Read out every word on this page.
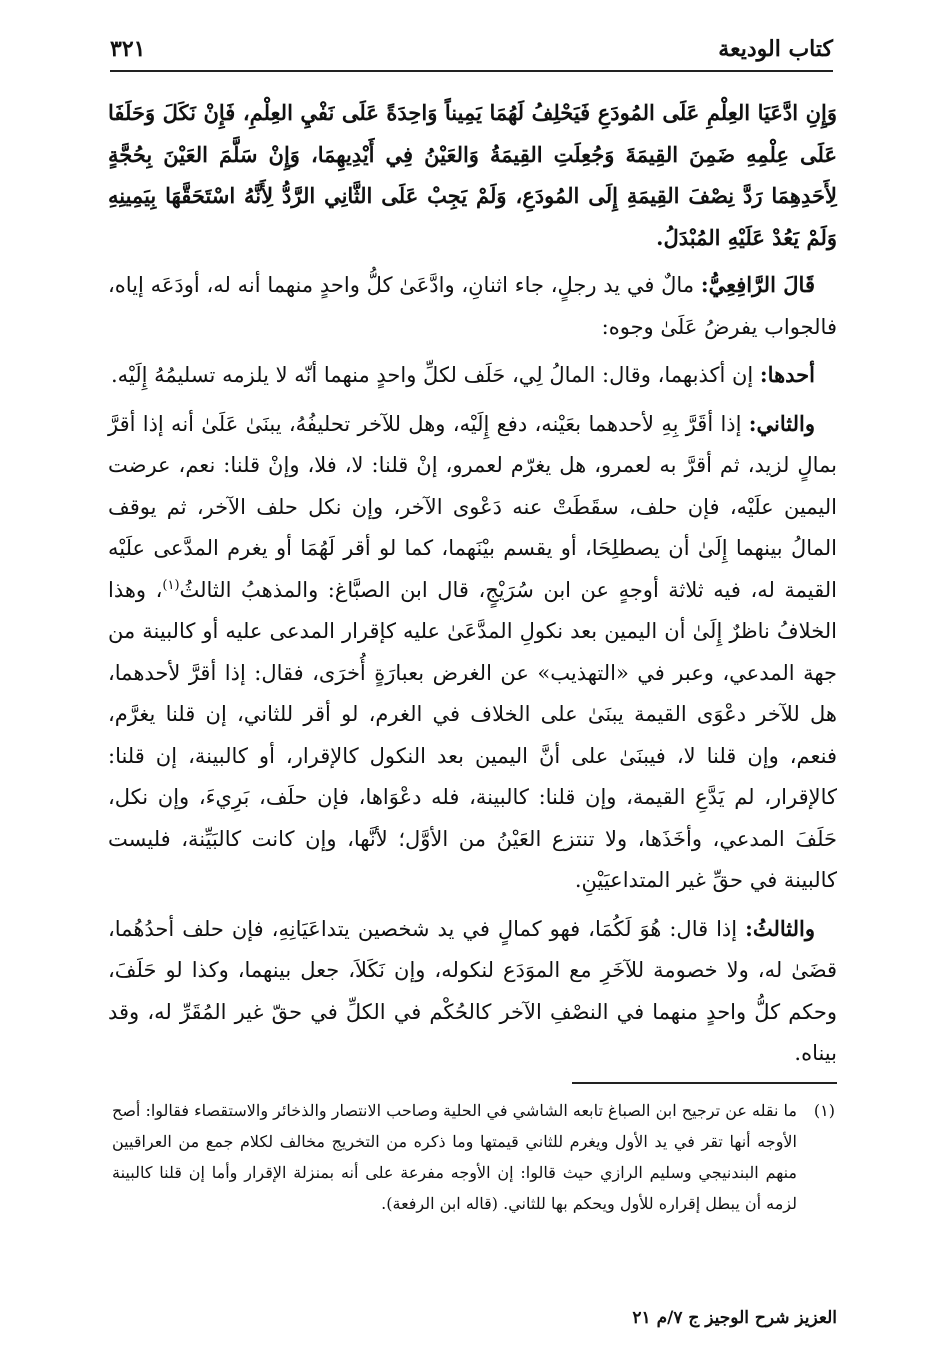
كتاب الوديعة
٣٢١

وَإِنِ ادَّعَيَا العِلْمِ عَلَى المُودَعِ فَيَحْلِفُ لَهُمَا يَمِيناً وَاحِدَةً عَلَى نَفْيِ العِلْمِ، فَإِنْ نَكَلَ وَحَلَفَا عَلَى عِلْمِهِ ضَمِنَ القِيمَةَ وَجُعِلَتِ القِيمَةُ وَالعَيْنُ فِي أَيْدِيهِمَا، وَإِنْ سَلَّمَ العَيْنَ بِحُجَّةٍ لِأَحَدِهِمَا رَدَّ نِصْفَ القِيمَةِ إِلَى المُودَعِ، وَلَمْ يَجِبْ عَلَى الثَّانِي الرَّدُّ لِأَنَّهُ اسْتَحَقَّهَا بِيَمِينِهِ وَلَمْ يَعُدْ عَلَيْهِ المُبْدَلُ.

قَالَ الرَّافِعِيُّ: مالٌ في يد رجلٍ، جاء اثنانِ، وادَّعَىٰ كلُّ واحدٍ منهما أنه له، أودَعَه إياه، فالجواب يفرضُ عَلَىٰ وجوه:

أحدها: إن أكذبهما، وقال: المالُ لِي، حَلَف لكلِّ واحدٍ منهما أنّه لا يلزمه تسليمُهُ إِلَيْه.

والثاني: إذا أقَرَّ بِهِ لأحدهما بعَيْنه، دفع إِلَيْه، وهل للآخر تحليفُهُ، يبنَىٰ عَلَىٰ أنه إذا أقرَّ بمالٍ لزيد، ثم أقرَّ به لعمرو، هل يغرّم لعمرو، إنْ قلنا: لا، فلا، وإنْ قلنا: نعم، عرضت اليمين علَيْه، فإن حلف، سقَطَتْ عنه دَعْوى الآخر، وإن نكل حلف الآخر، ثم يوقف المالُ بينهما إِلَىٰ أن يصطلِحَا، أو يقسم بيْنَهما، كما لو أقر لَهُمَا أو يغرم المدَّعى علَيْه القيمة له، فيه ثلاثة أوجهٍ عن ابن سُرَيْجٍ، قال ابن الصبَّاغ: والمذهبُ الثالثُ$^{(١)}$، وهذا الخلافُ ناظرٌ إِلَىٰ أن اليمين بعد نكولِ المدَّعَىٰ عليه كإقرار المدعى عليه أو كالبينة من جهة المدعي، وعبر في «التهذيب» عن الغرض بعبارَةٍ أُخرَى، فقال: إذا أقرَّ لأحدهما، هل للآخر دعْوَى القيمة يبنَىٰ على الخلاف في الغرم، لو أقر للثاني، إن قلنا يغرَّم، فنعم، وإن قلنا لا، فيبنَىٰ على أنَّ اليمين بعد النكول كالإقرار، أو كالبينة، إن قلنا: كالإقرار، لم يَدَّعِ القيمة، وإن قلنا: كالبينة، فله دعْوَاها، فإن حلَف، بَرِيءَ، وإن نكل، حَلَفَ المدعي، وأخَذَها، ولا تنتزع العَيْنُ من الأوَّل؛ لأنَّها، وإن كانت كالبَيِّنة، فليست كالبينة في حقِّ غير المتداعيَيْنِ.

والثالثُ: إذا قال: هُوَ لَكُمَا، فهو كمالٍ في يد شخصين يتداعَيَانِهِ، فإن حلف أحدُهُما، قضَىٰ له، ولا خصومة للآخَرِ مع الموَدَع لنكوله، وإن نَكَلاَ، جعل بينهما، وكذا لو حَلَفَ، وحكم كلُّ واحدٍ منهما في النصْفِ الآخر كالحُكْم في الكلِّ في حقّ غير المُقَرِّ له، وقد بيناه.

(١)
ما نقله عن ترجيح ابن الصباغ تابعه الشاشي في الحلية وصاحب الانتصار والذخائر والاستقصاء فقالوا: أصح الأوجه أنها تقر في يد الأول ويغرم للثاني قيمتها وما ذكره من التخريج مخالف لكلام جمع من العراقيين منهم البندنيجي وسليم الرازي حيث قالوا: إن الأوجه مفرعة على أنه بمنزلة الإقرار وأما إن قلنا كالبينة لزمه أن يبطل إقراره للأول ويحكم بها للثاني. (قاله ابن الرفعة).
العزيز شرح الوجيز ج ٧/م ٢١
